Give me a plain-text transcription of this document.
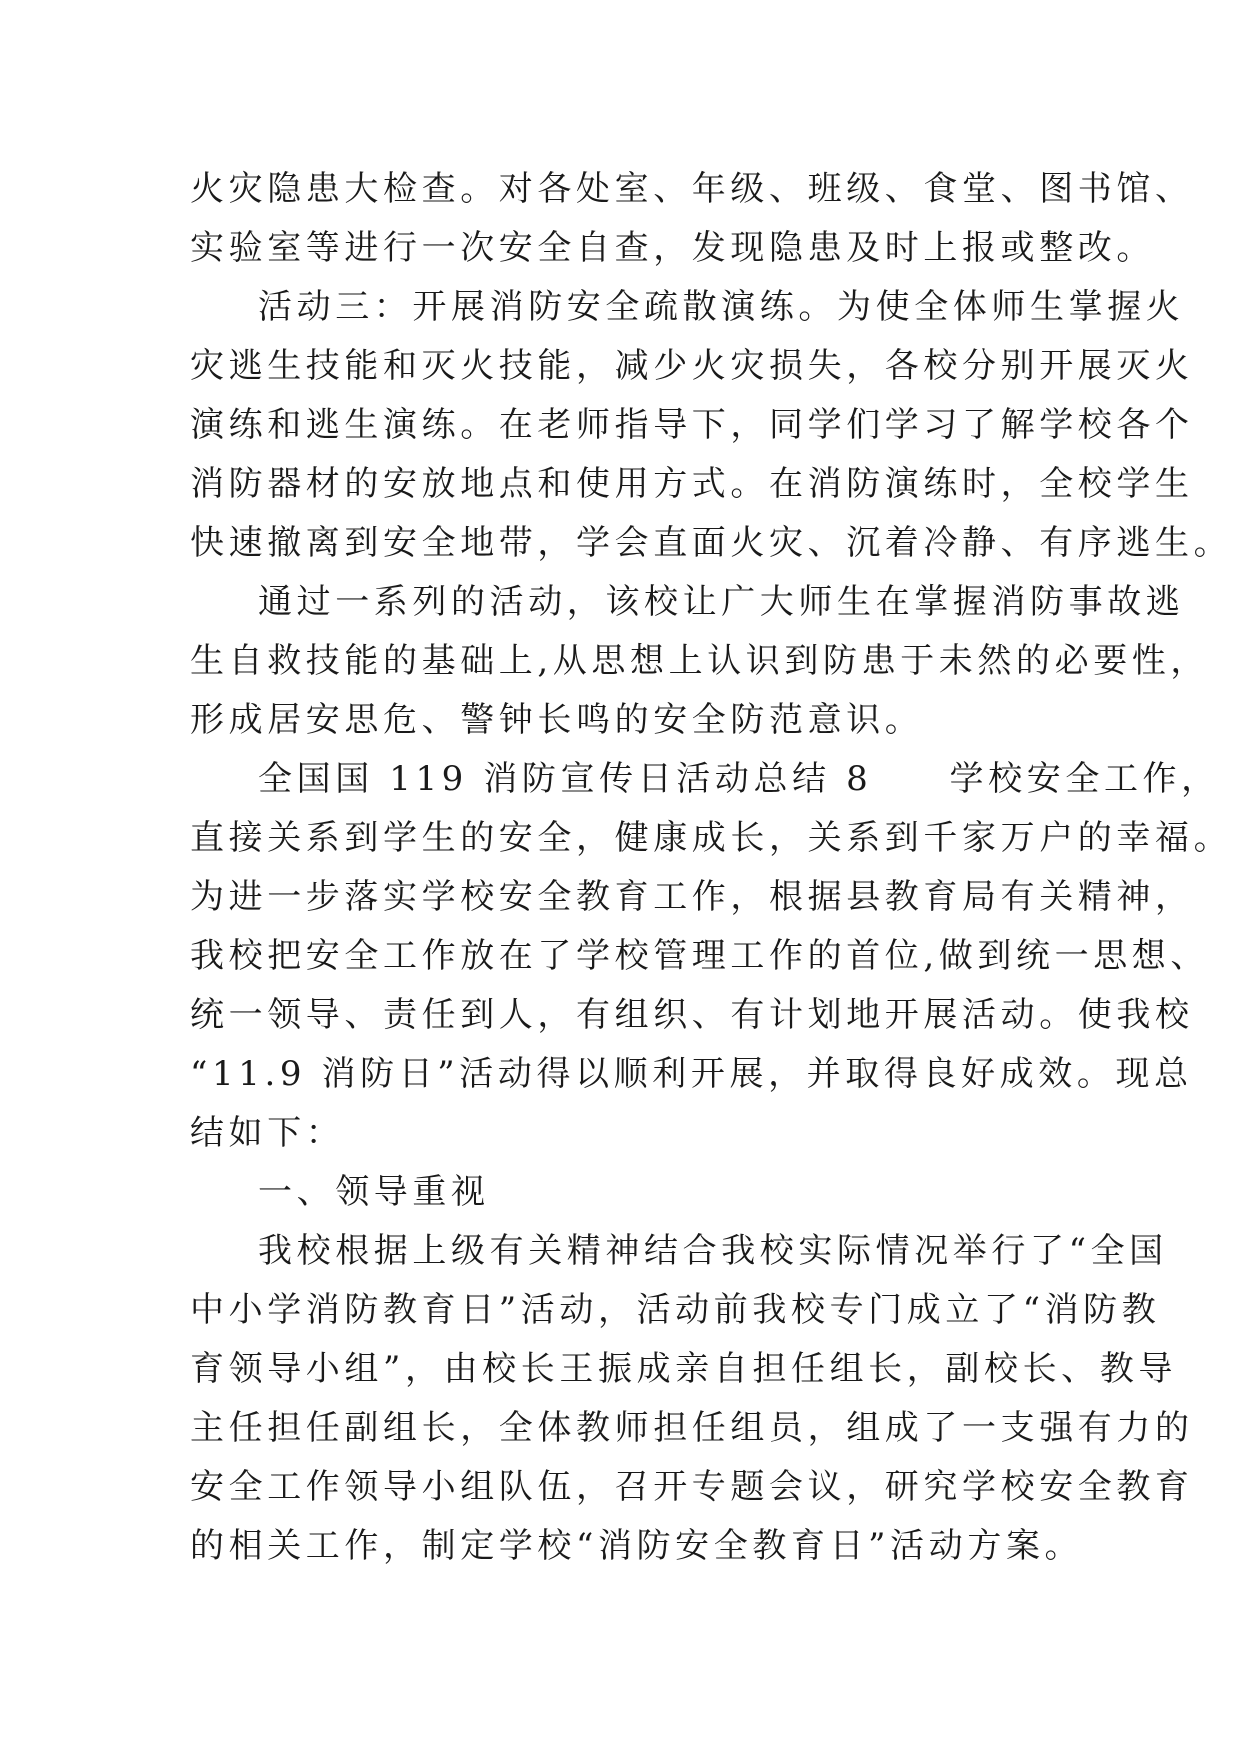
火灾隐患大检查。对各处室、年级、班级、食堂、图书馆、
实验室等进行一次安全自查，发现隐患及时上报或整改。
活动三：开展消防安全疏散演练。为使全体师生掌握火
灾逃生技能和灭火技能，减少火灾损失，各校分别开展灭火
演练和逃生演练。在老师指导下，同学们学习了解学校各个
消防器材的安放地点和使用方式。在消防演练时，全校学生
快速撤离到安全地带，学会直面火灾、沉着冷静、有序逃生。
通过一系列的活动，该校让广大师生在掌握消防事故逃
生自救技能的基础上,从思想上认识到防患于未然的必要性，
形成居安思危、警钟长鸣的安全防范意识。
全国国 119 消防宣传日活动总结 8　　学校安全工作，
直接关系到学生的安全，健康成长，关系到千家万户的幸福。
为进一步落实学校安全教育工作，根据县教育局有关精神，
我校把安全工作放在了学校管理工作的首位,做到统一思想、
统一领导、责任到人，有组织、有计划地开展活动。使我校
“11.9 消防日”活动得以顺利开展，并取得良好成效。现总
结如下：
一、领导重视
我校根据上级有关精神结合我校实际情况举行了“全国
中小学消防教育日”活动，活动前我校专门成立了“消防教
育领导小组”，由校长王振成亲自担任组长，副校长、教导
主任担任副组长，全体教师担任组员，组成了一支强有力的
安全工作领导小组队伍，召开专题会议，研究学校安全教育
的相关工作，制定学校“消防安全教育日”活动方案。
